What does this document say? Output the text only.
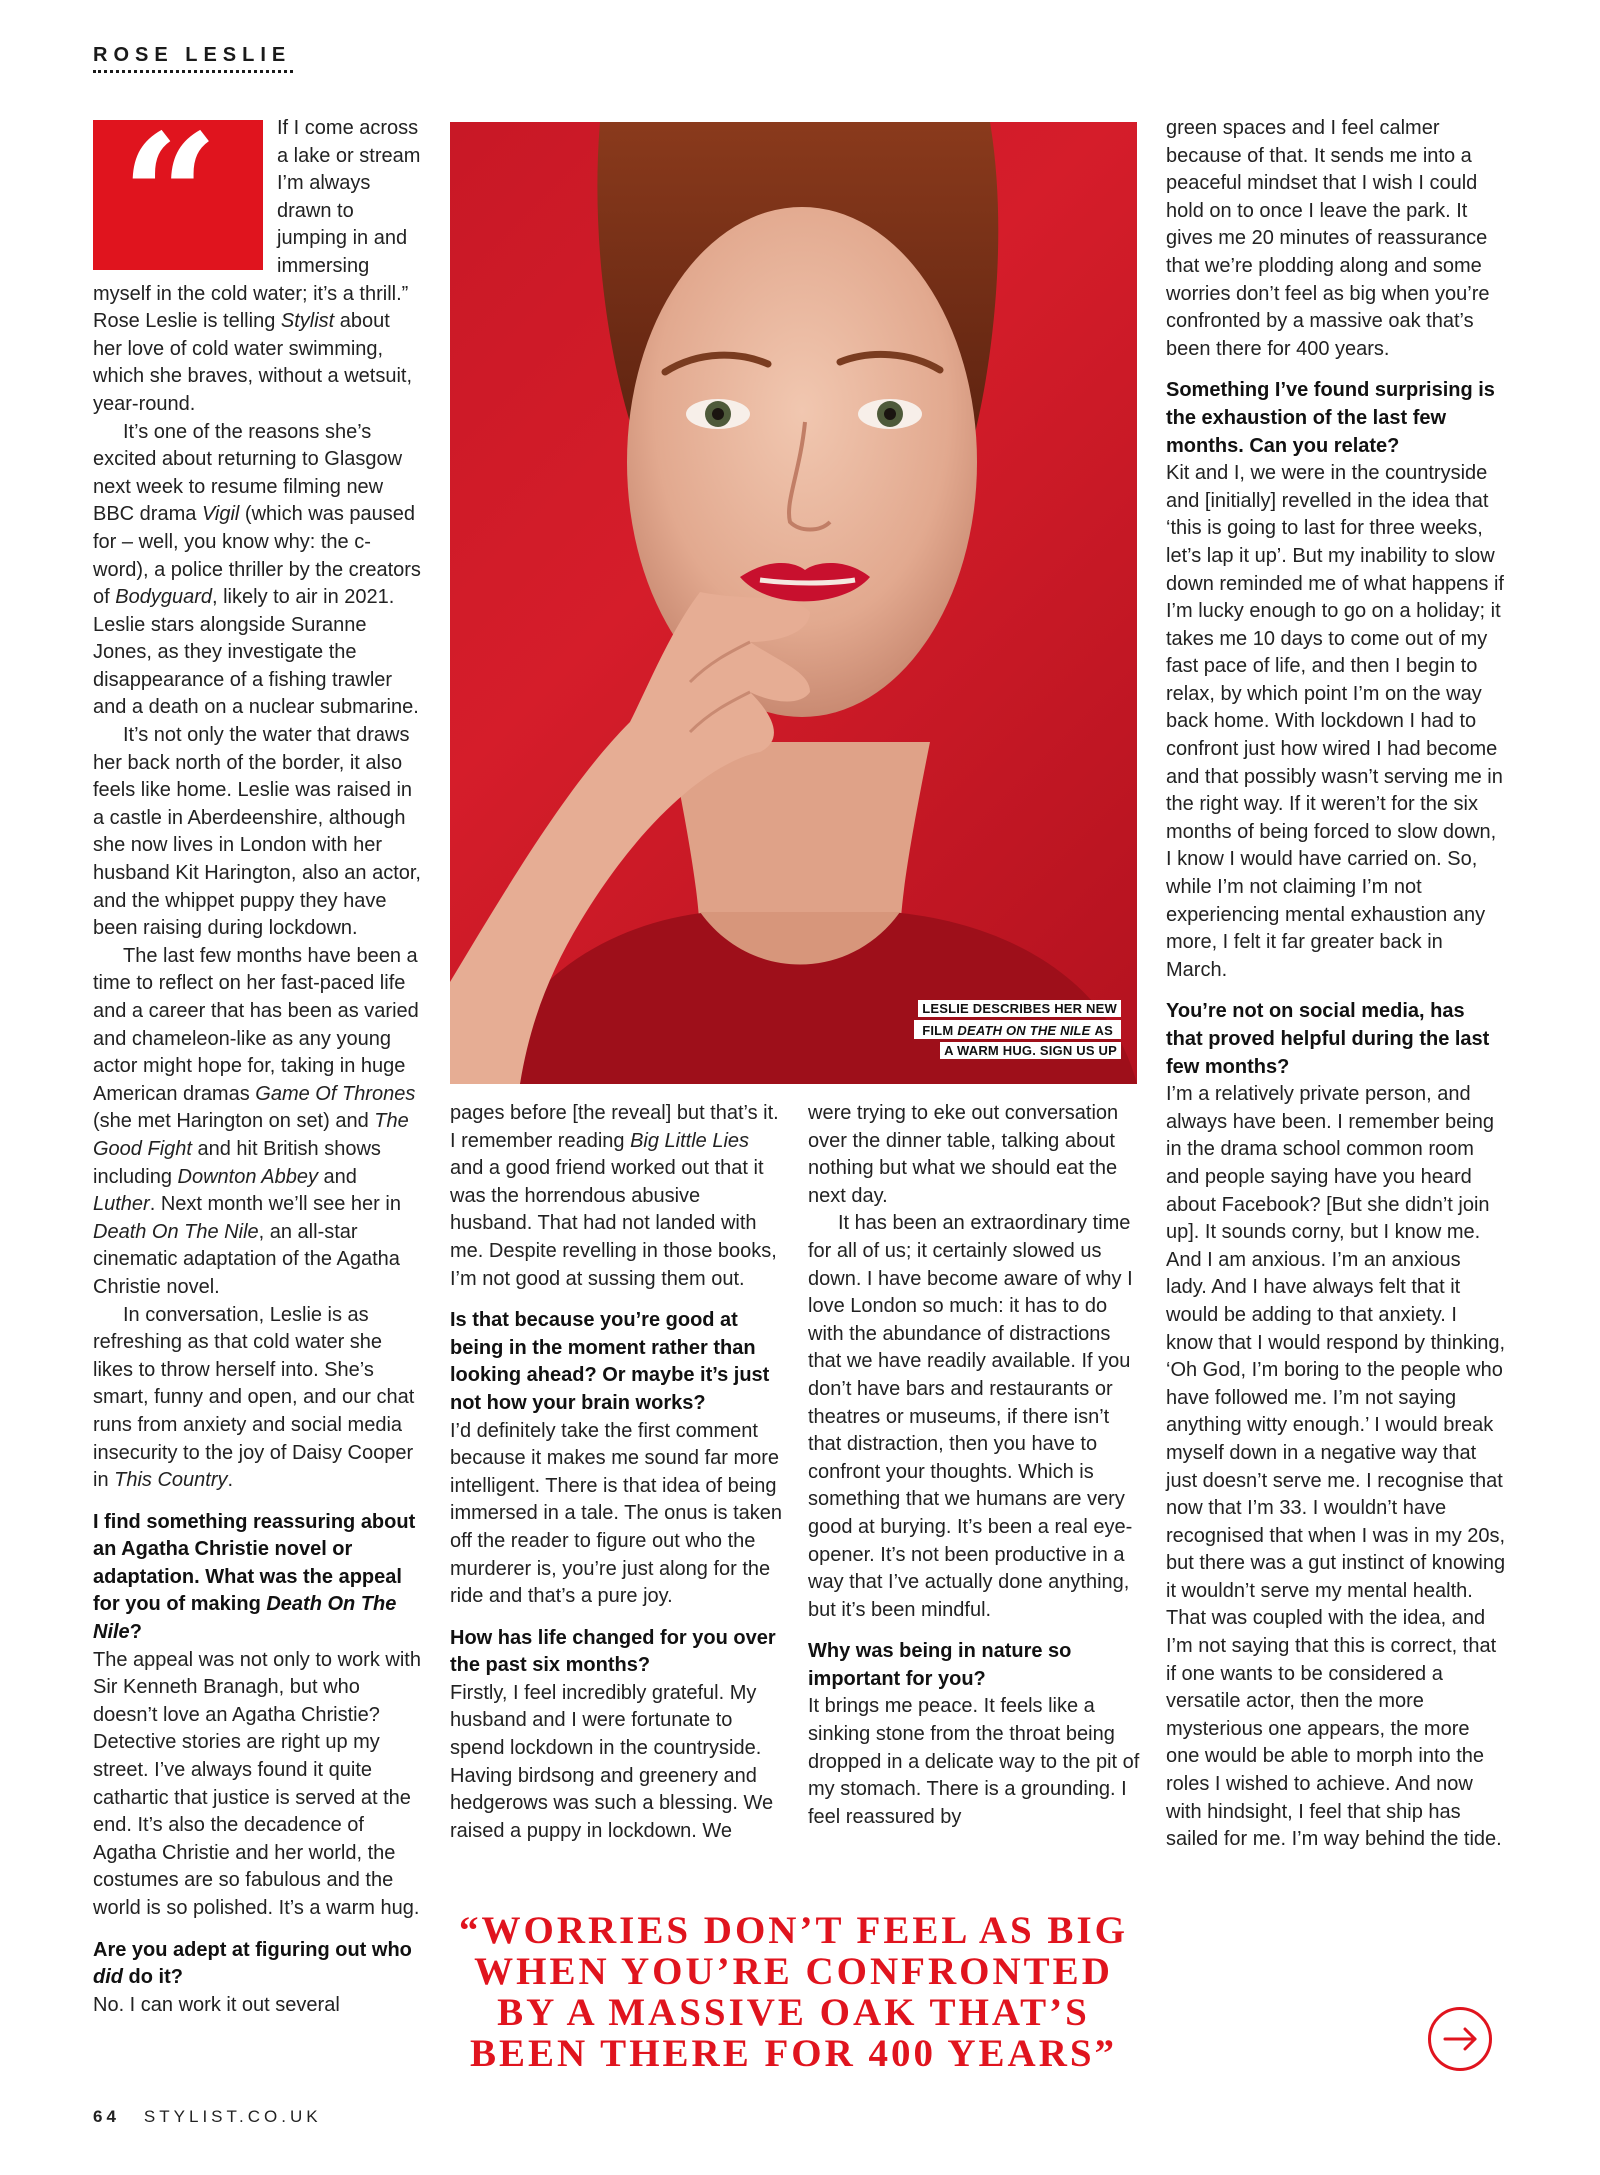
ROSE LESLIE
“	If I come across a lake or stream I’m always drawn to jumping in and immersing myself in the cold water; it’s a thrill.” Rose Leslie is telling Stylist about her love of cold water swimming, which she braves, without a wetsuit, year-round.

It’s one of the reasons she’s excited about returning to Glasgow next week to resume filming new BBC drama Vigil (which was paused for – well, you know why: the c-word), a police thriller by the creators of Bodyguard, likely to air in 2021. Leslie stars alongside Suranne Jones, as they investigate the disappearance of a fishing trawler and a death on a nuclear submarine.

It’s not only the water that draws her back north of the border, it also feels like home. Leslie was raised in a castle in Aberdeenshire, although she now lives in London with her husband Kit Harington, also an actor, and the whippet puppy they have been raising during lockdown.

The last few months have been a time to reflect on her fast-paced life and a career that has been as varied and chameleon-like as any young actor might hope for, taking in huge American dramas Game Of Thrones (she met Harington on set) and The Good Fight and hit British shows including Downton Abbey and Luther. Next month we’ll see her in Death On The Nile, an all-star cinematic adaptation of the Agatha Christie novel.

In conversation, Leslie is as refreshing as that cold water she likes to throw herself into. She’s smart, funny and open, and our chat runs from anxiety and social media insecurity to the joy of Daisy Cooper in This Country.

I find something reassuring about an Agatha Christie novel or adaptation. What was the appeal for you of making Death On The Nile?

The appeal was not only to work with Sir Kenneth Branagh, but who doesn’t love an Agatha Christie? Detective stories are right up my street. I’ve always found it quite cathartic that justice is served at the end. It’s also the decadence of Agatha Christie and her world, the costumes are so fabulous and the world is so polished. It’s a warm hug.

Are you adept at figuring out who did do it?

No. I can work it out several

LESLIE DESCRIBES HER NEW
FILMDEATH ON THE NILEAS
A WARM HUG. SIGN US UP

pages before [the reveal] but that’s it. I remember reading Big Little Lies and a good friend worked out that it was the horrendous abusive husband. That had not landed with me. Despite revelling in those books, I’m not good at sussing them out.

Is that because you’re good at being in the moment rather than looking ahead? Or maybe it’s just not how your brain works?

I’d definitely take the first comment because it makes me sound far more intelligent. There is that idea of being immersed in a tale. The onus is taken off the reader to figure out who the murderer is, you’re just along for the ride and that’s a pure joy.

How has life changed for you over the past six months?

Firstly, I feel incredibly grateful. My husband and I were fortunate to spend lockdown in the countryside. Having birdsong and greenery and hedgerows was such a blessing. We raised a puppy in lockdown. We

were trying to eke out conversation over the dinner table, talking about nothing but what we should eat the next day.

It has been an extraordinary time for all of us; it certainly slowed us down. I have become aware of why I love London so much: it has to do with the abundance of distractions that we have readily available. If you don’t have bars and restaurants or theatres or museums, if there isn’t that distraction, then you have to confront your thoughts. Which is something that we humans are very good at burying. It’s been a real eye-opener. It’s not been productive in a way that I’ve actually done anything, but it’s been mindful.

Why was being in nature so important for you?

It brings me peace. It feels like a sinking stone from the throat being dropped in a delicate way to the pit of my stomach. There is a grounding. I feel reassured by

green spaces and I feel calmer because of that. It sends me into a peaceful mindset that I wish I could hold on to once I leave the park. It gives me 20 minutes of reassurance that we’re plodding along and some worries don’t feel as big when you’re confronted by a massive oak that’s been there for 400 years.

Something I’ve found surprising is the exhaustion of the last few months. Can you relate?

Kit and I, we were in the countryside and [initially] revelled in the idea that ‘this is going to last for three weeks, let’s lap it up’. But my inability to slow down reminded me of what happens if I’m lucky enough to go on a holiday; it takes me 10 days to come out of my fast pace of life, and then I begin to relax, by which point I’m on the way back home. With lockdown I had to confront just how wired I had become and that possibly wasn’t serving me in the right way. If it weren’t for the six months of being forced to slow down, I know I would have carried on. So, while I’m not claiming I’m not experiencing mental exhaustion any more, I felt it far greater back in March.

You’re not on social media, has that proved helpful during the last few months?

I’m a relatively private person, and always have been. I remember being in the drama school common room and people saying have you heard about Facebook? [But she didn’t join up]. It sounds corny, but I know me. And I am anxious. I’m an anxious lady. And I have always felt that it would be adding to that anxiety. I know that I would respond by thinking, ‘Oh God, I’m boring to the people who have followed me. I’m not saying anything witty enough.’ I would break myself down in a negative way that just doesn’t serve me. I recognise that now that I’m 33. I wouldn’t have recognised that when I was in my 20s, but there was a gut instinct of knowing it wouldn’t serve my mental health. That was coupled with the idea, and I’m not saying that this is correct, that if one wants to be considered a versatile actor, then the more mysterious one appears, the more one would be able to morph into the roles I wished to achieve. And now with hindsight, I feel that ship has sailed for me. I’m way behind the tide.

“WORRIES DON’T FEEL AS BIG
WHEN YOU’RE CONFRONTED
BY A MASSIVE OAK THAT’S
BEEN THERE FOR 400 YEARS”
64 STYLIST.CO.UK
